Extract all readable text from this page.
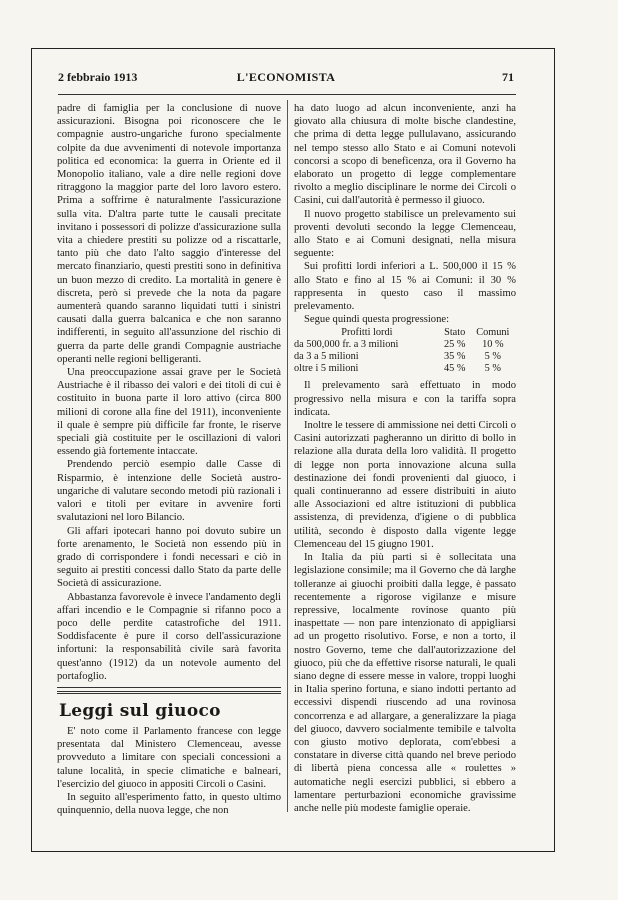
2 febbraio 1913	L'ECONOMISTA	71

padre di famiglia per la conclusione di nuove assicurazioni. Bisogna poi riconoscere che le compagnie austro-ungariche furono specialmente colpite da due avvenimenti di notevole importanza politica ed economica: la guerra in Oriente ed il Monopolio italiano, vale a dire nelle regioni dove ritraggono la maggior parte del loro lavoro estero. Prima a soffrirne è naturalmente l'assicurazione sulla vita. D'altra parte tutte le causali precitate invitano i possessori di polizze d'assicurazione sulla vita a chiedere prestiti su polizze od a riscattarle, tanto più che dato l'alto saggio d'interesse del mercato finanziario, questi prestiti sono in definitiva un buon mezzo di credito. La mortalità in genere è discreta, però si prevede che la nota da pagare aumenterà quando saranno liquidati tutti i sinistri causati dalla guerra balcanica e che non saranno indifferenti, in seguito all'assunzione del rischio di guerra da parte delle grandi Compagnie austriache operanti nelle regioni belligeranti.

Una preoccupazione assai grave per le Società Austriache è il ribasso dei valori e dei titoli di cui è costituito in buona parte il loro attivo (circa 800 milioni di corone alla fine del 1911), inconveniente il quale è sempre più difficile far fronte, le riserve speciali già costituite per le oscillazioni di valori essendo già fortemente intaccate.

Prendendo perciò esempio dalle Casse di Risparmio, è intenzione delle Società austro-ungariche di valutare secondo metodi più razionali i valori e titoli per evitare in avvenire forti svalutazioni nel loro Bilancio.

Gli affari ipotecari hanno poi dovuto subire un forte arenamento, le Società non essendo più in grado di corrispondere i fondi necessari e ciò in seguito ai prestiti concessi dallo Stato da parte delle Società di assicurazione.

Abbastanza favorevole è invece l'andamento degli affari incendio e le Compagnie si rifanno poco a poco delle perdite catastrofiche del 1911. Soddisfacente è pure il corso dell'assicurazione infortuni: la responsabilità civile sarà favorita quest'anno (1912) da un notevole aumento del portafoglio.

Leggi sul giuoco

E' noto come il Parlamento francese con legge presentata dal Ministero Clemenceau, avesse provveduto a limitare con speciali concessioni a talune località, in specie climatiche e balneari, l'esercizio del giuoco in appositi Circoli o Casini.

In seguito all'esperimento fatto, in questo ultimo quinquennio, della nuova legge, che non

ha dato luogo ad alcun inconveniente, anzi ha giovato alla chiusura di molte bische clandestine, che prima di detta legge pullulavano, assicurando nel tempo stesso allo Stato e ai Comuni notevoli concorsi a scopo di beneficenza, ora il Governo ha elaborato un progetto di legge complementare rivolto a meglio disciplinare le norme dei Circoli o Casini, cui dall'autorità è permesso il giuoco.

Il nuovo progetto stabilisce un prelevamento sui proventi devoluti secondo la legge Clemenceau, allo Stato e ai Comuni designati, nella misura seguente:

Sui profitti lordi inferiori a L. 500,000 il 15 % allo Stato e fino al 15 % ai Comuni: il 30 % rappresenta in questo caso il massimo prelevamento.

Segue quindi questa progressione:

Profitti lordi	Stato	Comuni
da 500,000 fr. a 3 milioni	25 %	10 %
da 3 a 5 milioni	35 %	5 %
oltre i 5 milioni	45 %	5 %

Il prelevamento sarà effettuato in modo progressivo nella misura e con la tariffa sopra indicata.

Inoltre le tessere di ammissione nei detti Circoli o Casini autorizzati pagheranno un diritto di bollo in relazione alla durata della loro validità. Il progetto di legge non porta innovazione alcuna sulla destinazione dei fondi provenienti dal giuoco, i quali continueranno ad essere distribuiti in aiuto alle Associazioni ed altre istituzioni di pubblica assistenza, di previdenza, d'igiene o di pubblica utilità, secondo è disposto dalla vigente legge Clemenceau del 15 giugno 1901.

In Italia da più parti si è sollecitata una legislazione consimile; ma il Governo che dà larghe tolleranze ai giuochi proibiti dalla legge, è passato recentemente a rigorose vigilanze e misure repressive, localmente rovinose quanto più inaspettate — non pare intenzionato di appigliarsi ad un progetto risolutivo. Forse, e non a torto, il nostro Governo, teme che dall'autorizzazione del giuoco, più che da effettive risorse naturali, le quali siano degne di essere messe in valore, troppi luoghi in Italia sperino fortuna, e siano indotti pertanto ad eccessivi dispendi riuscendo ad una rovinosa concorrenza e ad allargare, a generalizzare la piaga del giuoco, davvero socialmente temibile e talvolta con giusto motivo deplorata, com'ebbesi a constatare in diverse città quando nel breve periodo di libertà piena concessa alle « roulettes » automatiche negli esercizi pubblici, si ebbero a lamentare perturbazioni economiche gravissime anche nelle più modeste famiglie operaie.
